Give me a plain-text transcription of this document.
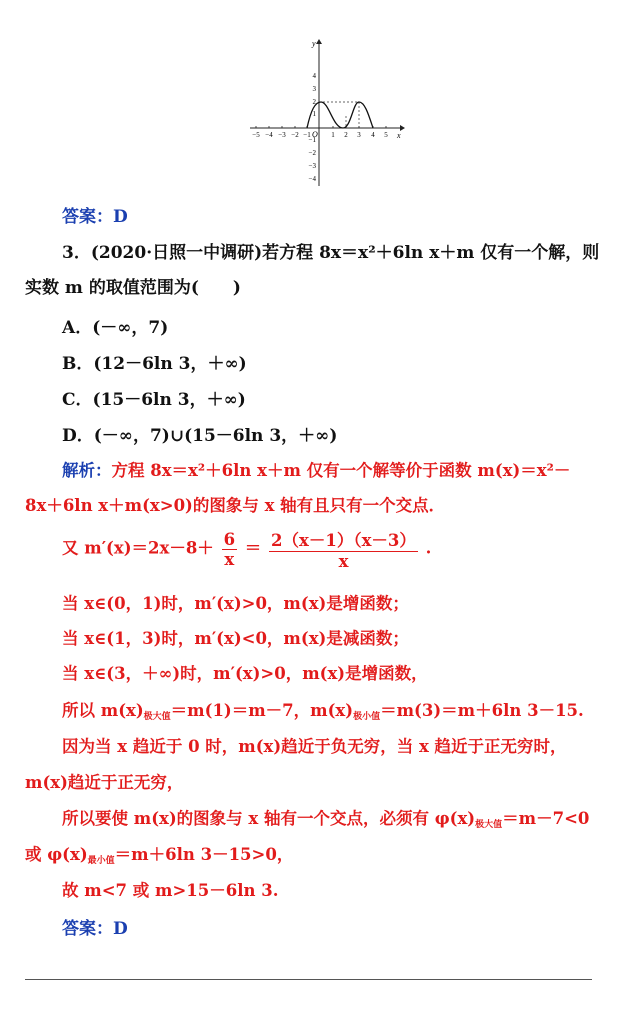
y
x
O
−5 −4 −3 −2 −1	1 2 3 4 5
4
3
2
1
−1
−2
−3
−4
答案：D
3．(2020·日照一中调研)若方程 8x＝x²＋6ln x＋m 仅有一个解，则
实数 m 的取值范围为(　　)
A．(－∞，7)
B．(12－6ln 3，＋∞)
C．(15－6ln 3，＋∞)
D．(－∞，7)∪(15－6ln 3，＋∞)
解析：方程 8x＝x²＋6ln x＋m 仅有一个解等价于函数 m(x)＝x²－
8x＋6ln x＋m(x>0)的图象与 x 轴有且只有一个交点．
又 $m'(x)=2x-8+ \frac{6}{x} = \frac{2(x-1)(x-3)}{x}$ .
当 x∈(0，1)时，m′(x)>0，m(x)是增函数；
当 x∈(1，3)时，m′(x)<0，m(x)是减函数；
当 x∈(3，＋∞)时，m′(x)>0，m(x)是增函数，
所以 $m(x)_{极大值}=m(1)=m-7$，$m(x)_{极小值}=m(3)=m+6\ln$ 3－15.
因为当 x 趋近于 0 时，m(x)趋近于负无穷，当 x 趋近于正无穷时，
m(x)趋近于正无穷，
所以要使 m(x)的图象与 x 轴有一个交点，必须有 $\varphi(x)_{极大值}=m-7<0$
或 $\varphi(x)_{最小值}=m+6\ln$ 3－15>0，
故 m<7 或 m>15－6ln 3.
答案：D
